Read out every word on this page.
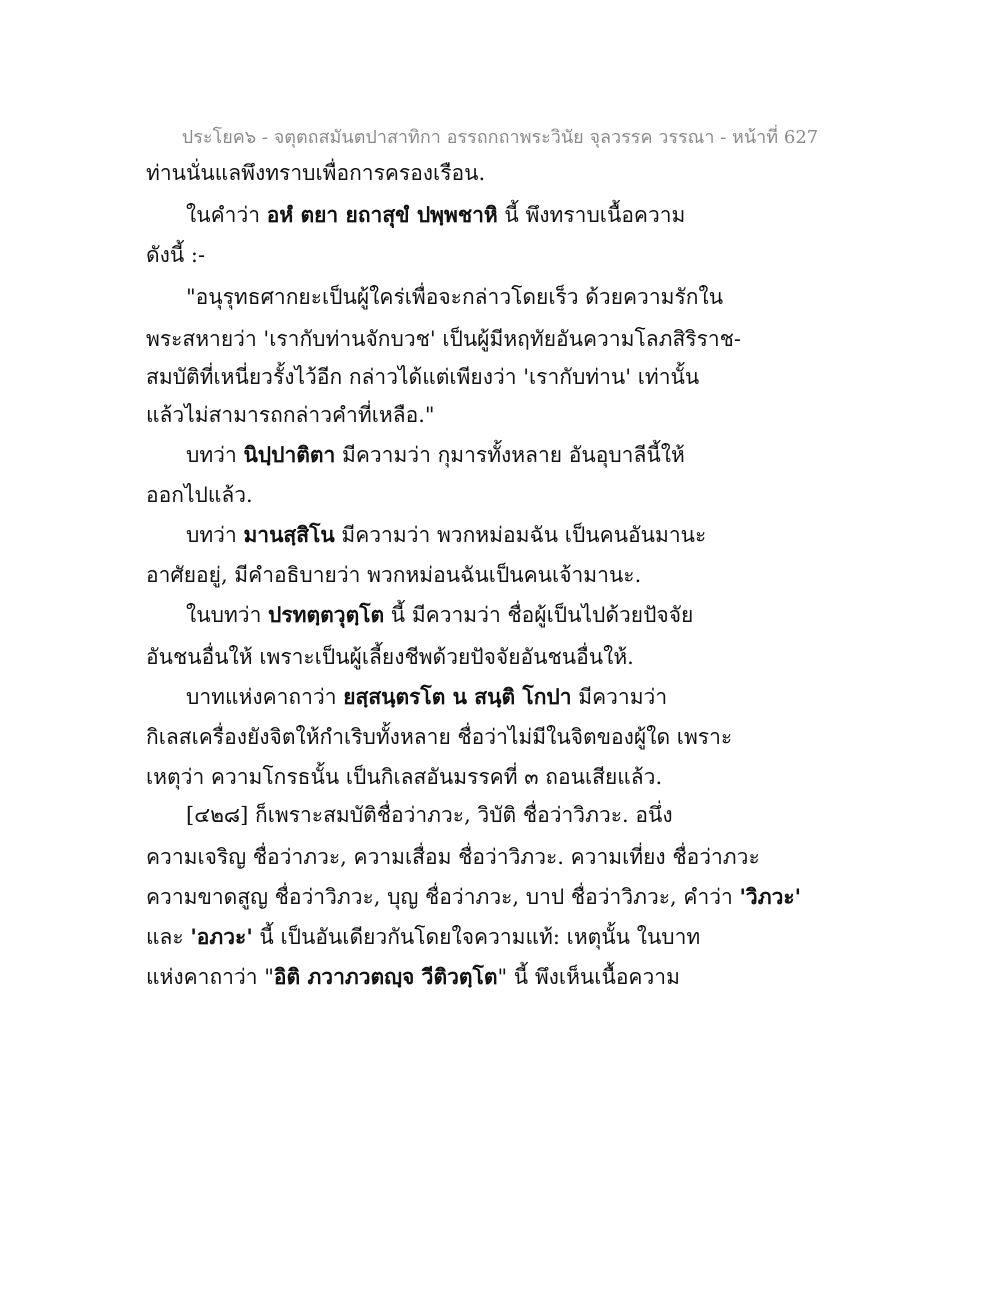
ประโยค๖ - จตุตถสมันตปาสาทิกา อรรถกถาพระวินัย จุลวรรค วรรณา - หน้าที่ 627
ท่านนั่นแลพึงทราบเพื่อการครองเรือน.
ในคำว่า อหํ ตยา ยถาสุขํ ปพฺพชาหิ นี้ พึงทราบเนื้อความ
ดังนี้ :-
"อนุรุทธศากยะเป็นผู้ใคร่เพื่อจะกล่าวโดยเร็ว ด้วยความรักใน
พระสหายว่า 'เรากับท่านจักบวช' เป็นผู้มีหฤทัยอันความโลภสิริราช-
สมบัติที่เหนี่ยวรั้งไว้อีก กล่าวได้แต่เพียงว่า 'เรากับท่าน' เท่านั้น
แล้วไม่สามารถกล่าวคำที่เหลือ."
บทว่า นิปฺปาติตา มีความว่า กุมารทั้งหลาย อันอุบาลีนี้ให้
ออกไปแล้ว.
บทว่า มานสฺสิโน มีความว่า พวกหม่อมฉัน เป็นคนอันมานะ
อาศัยอยู่, มีคำอธิบายว่า พวกหม่อนฉันเป็นคนเจ้ามานะ.
ในบทว่า ปรทตฺตวุตฺโต นี้ มีความว่า ชื่อผู้เป็นไปด้วยปัจจัย
อันชนอื่นให้ เพราะเป็นผู้เลี้ยงชีพด้วยปัจจัยอันชนอื่นให้.
บาทแห่งคาถาว่า ยสฺสนฺตรโต น สนฺติ โกปา มีความว่า
กิเลสเครื่องยังจิตให้กำเริบทั้งหลาย ชื่อว่าไม่มีในจิตของผู้ใด เพราะ
เหตุว่า ความโกรธนั้น เป็นกิเลสอันมรรคที่ ๓ ถอนเสียแล้ว.
[๔๒๘] ก็เพราะสมบัติชื่อว่าภวะ, วิบัติ ชื่อว่าวิภวะ. อนึ่ง
ความเจริญ ชื่อว่าภวะ, ความเสื่อม ชื่อว่าวิภวะ. ความเที่ยง ชื่อว่าภวะ
ความขาดสูญ ชื่อว่าวิภวะ, บุญ ชื่อว่าภวะ, บาป ชื่อว่าวิภวะ, คำว่า 'วิภวะ'
และ 'อภวะ' นี้ เป็นอันเดียวกันโดยใจความแท้: เหตุนั้น ในบาท
แห่งคาถาว่า "อิติ ภวาภวตญฺจ วีติวตฺโต" นี้ พึงเห็นเนื้อความ
